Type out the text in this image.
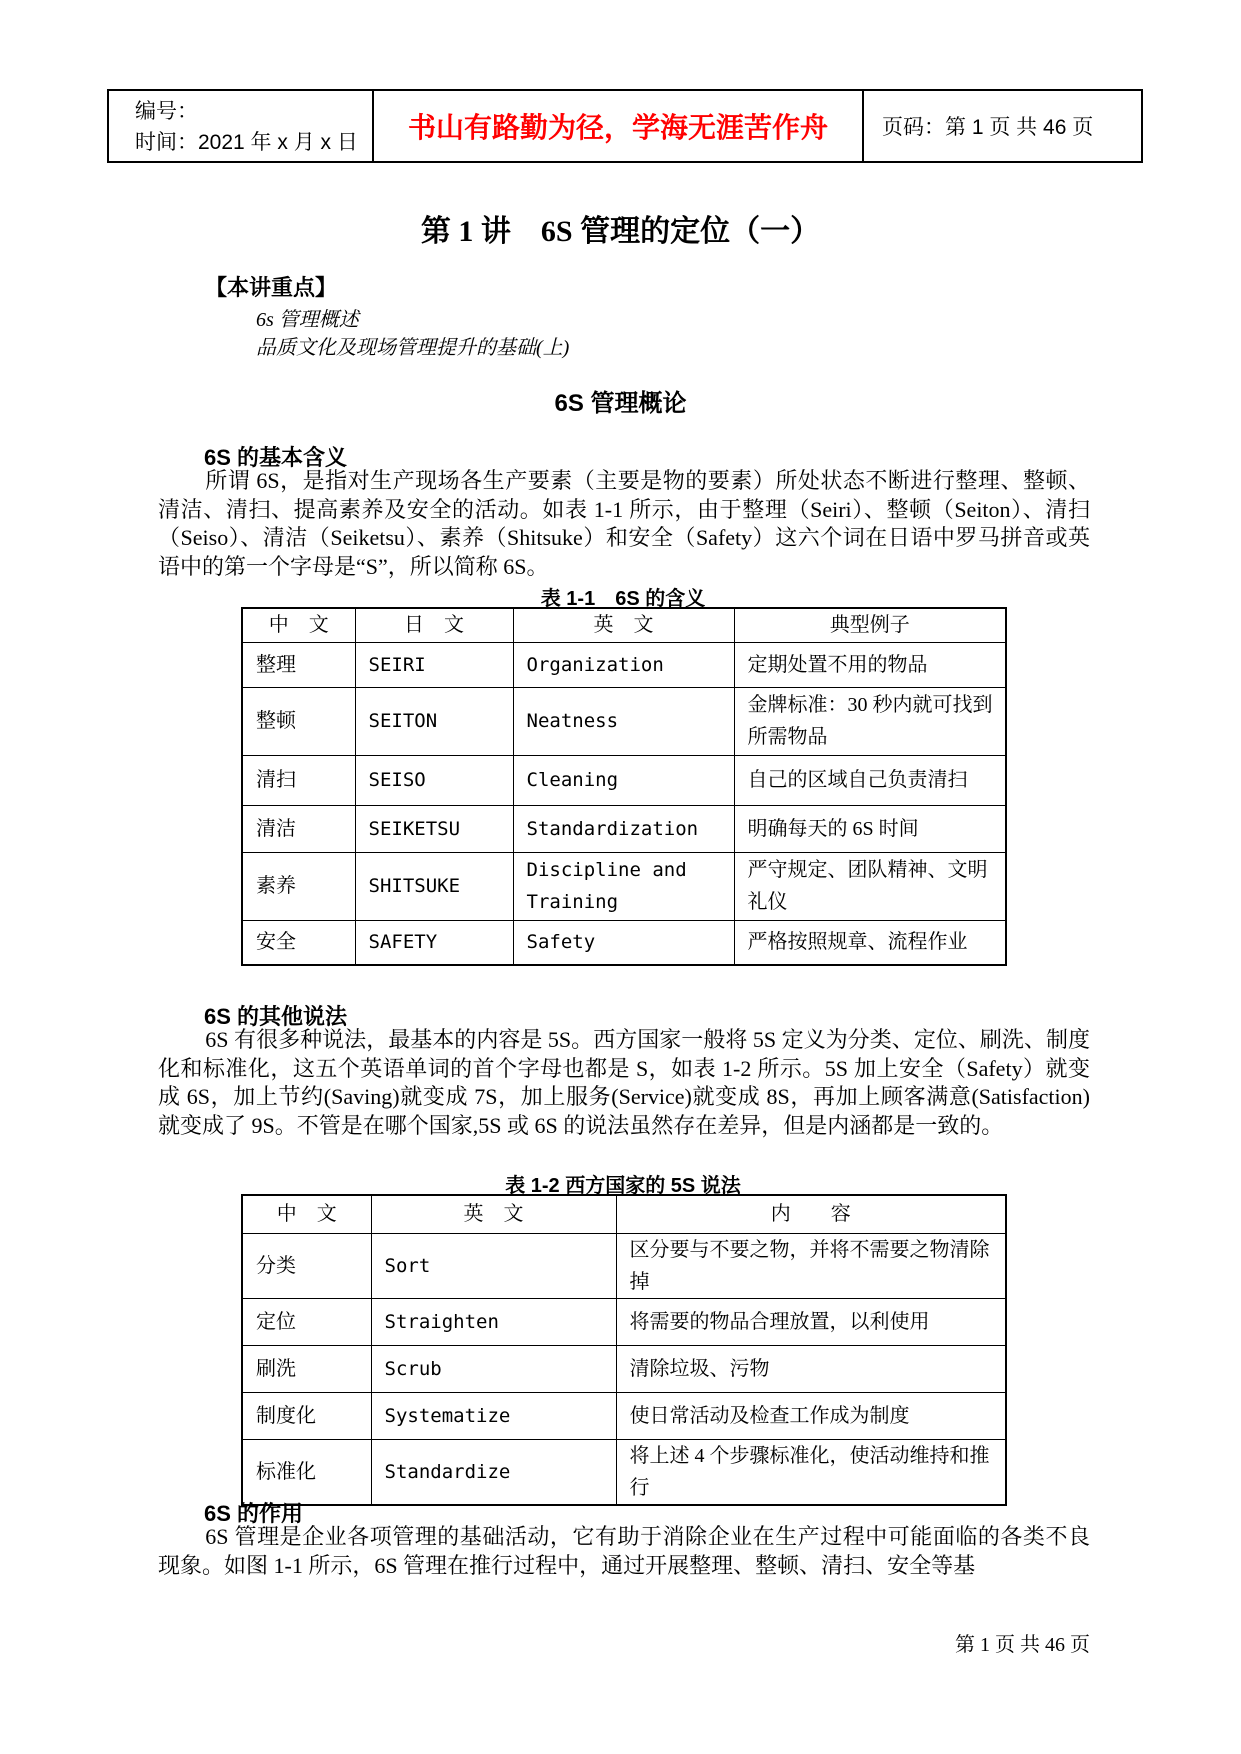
编号：
时间：2021 年 x 月 x 日	书山有路勤为径，学海无涯苦作舟	页码：第 1 页 共 46 页
第 1 讲　6S 管理的定位（一）
【本讲重点】
6s 管理概述
品质文化及现场管理提升的基础(上)
6S 管理概论
6S 的基本含义

所谓 6S，是指对生产现场各生产要素（主要是物的要素）所处状态不断进行整理、整顿、清洁、清扫、提高素养及安全的活动。如表 1-1 所示，由于整理（Seiri）、整顿（Seiton）、清扫（Seiso）、清洁（Seiketsu）、素养（Shitsuke）和安全（Safety）这六个词在日语中罗马拼音或英语中的第一个字母是“S”，所以简称 6S。

表 1-1　6S 的含义
中　文	日　文	英　文	典型例子
整理	SEIRI	Organization	定期处置不用的物品
整顿	SEITON	Neatness	金牌标准：30 秒内就可找到所需物品
清扫	SEISO	Cleaning	自己的区域自己负责清扫
清洁	SEIKETSU	Standardization	明确每天的 6S 时间
素养	SHITSUKE	Discipline and Training	严守规定、团队精神、文明礼仪
安全	SAFETY	Safety	严格按照规章、流程作业
6S 的其他说法

6S 有很多种说法，最基本的内容是 5S。西方国家一般将 5S 定义为分类、定位、刷洗、制度化和标准化，这五个英语单词的首个字母也都是 S，如表 1-2 所示。5S 加上安全（Safety）就变成 6S，加上节约(Saving)就变成 7S，加上服务(Service)就变成 8S，再加上顾客满意(Satisfaction)就变成了 9S。不管是在哪个国家,5S 或 6S 的说法虽然存在差异，但是内涵都是一致的。

表 1-2 西方国家的 5S 说法
中　文	英　文	内　　容
分类	Sort	区分要与不要之物，并将不需要之物清除掉
定位	Straighten	将需要的物品合理放置，以利使用
刷洗	Scrub	清除垃圾、污物
制度化	Systematize	使日常活动及检查工作成为制度
标准化	Standardize	将上述 4 个步骤标准化，使活动维持和推行
6S 的作用

6S 管理是企业各项管理的基础活动，它有助于消除企业在生产过程中可能面临的各类不良现象。如图 1-1 所示，6S 管理在推行过程中，通过开展整理、整顿、清扫、安全等基

第 1 页 共 46 页
